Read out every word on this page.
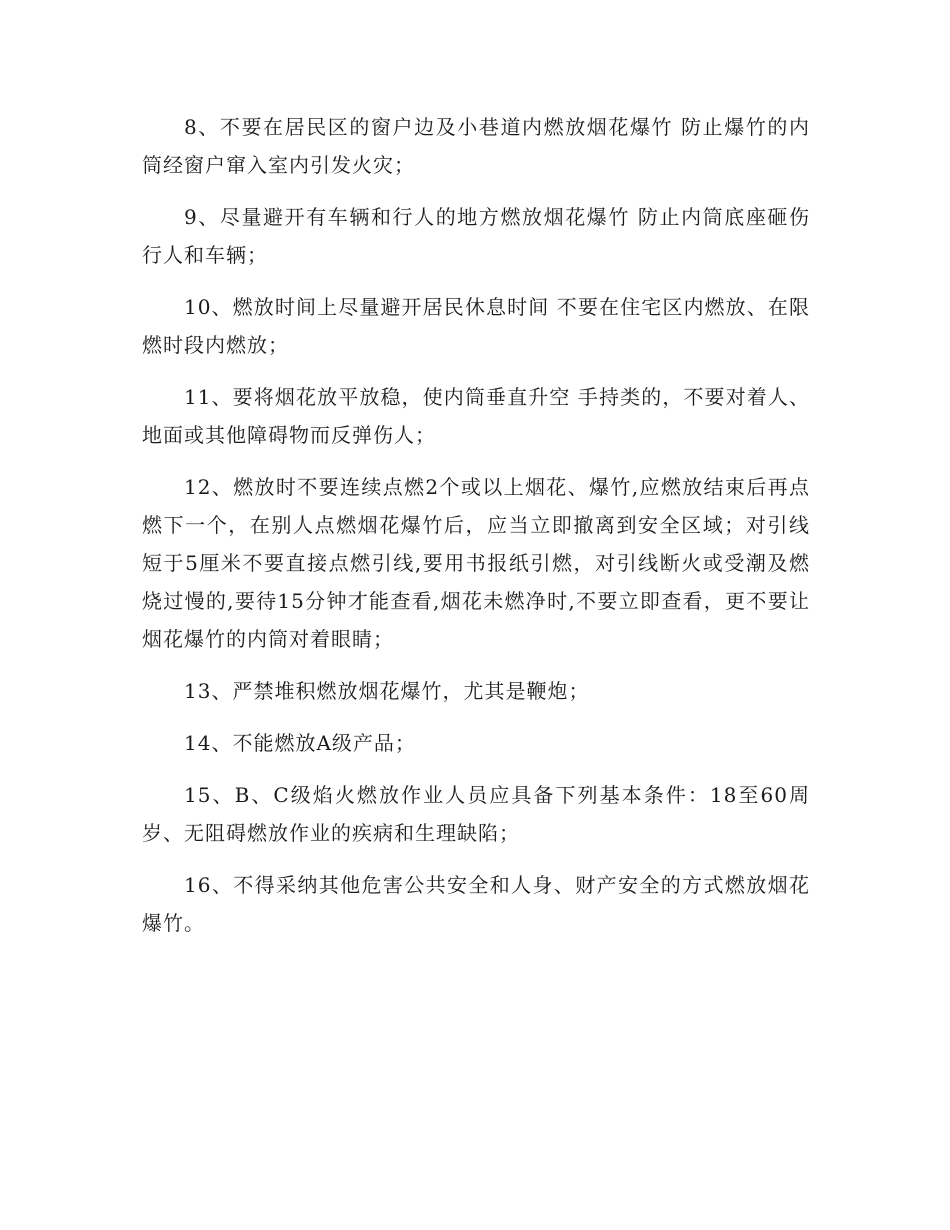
8、不要在居民区的窗户边及小巷道内燃放烟花爆竹 防止爆竹的内筒经窗户窜入室内引发火灾；

9、尽量避开有车辆和行人的地方燃放烟花爆竹 防止内筒底座砸伤行人和车辆；

10、燃放时间上尽量避开居民休息时间 不要在住宅区内燃放、在限燃时段内燃放；

11、要将烟花放平放稳，使内筒垂直升空 手持类的，不要对着人、地面或其他障碍物而反弹伤人；

12、燃放时不要连续点燃2个或以上烟花、爆竹,应燃放结束后再点燃下一个，在别人点燃烟花爆竹后，应当立即撤离到安全区域；对引线短于5厘米不要直接点燃引线,要用书报纸引燃，对引线断火或受潮及燃烧过慢的,要待15分钟才能查看,烟花未燃净时,不要立即查看，更不要让烟花爆竹的内筒对着眼睛；

13、严禁堆积燃放烟花爆竹，尤其是鞭炮；

14、不能燃放A级产品；

15、B、C级焰火燃放作业人员应具备下列基本条件：18至60周岁、无阻碍燃放作业的疾病和生理缺陷；

16、不得采纳其他危害公共安全和人身、财产安全的方式燃放烟花爆竹。
